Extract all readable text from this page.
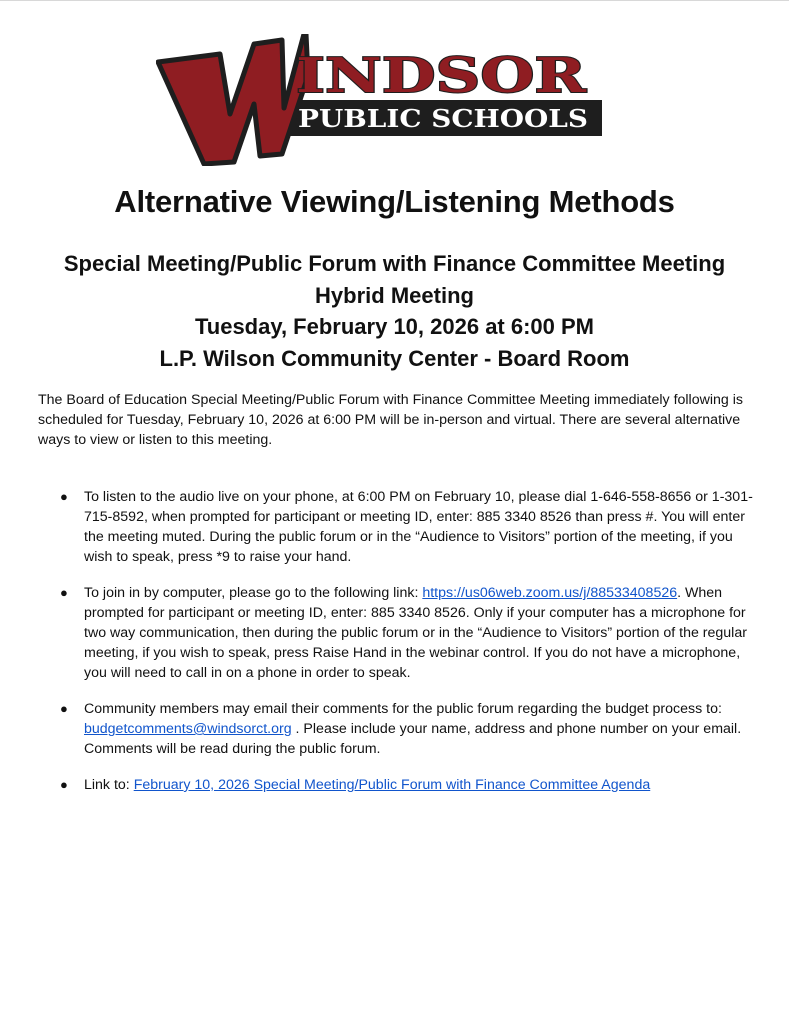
INDSOR
PUBLIC SCHOOLS
Alternative Viewing/Listening Methods
Special Meeting/Public Forum with Finance Committee Meeting
Hybrid Meeting
Tuesday, February 10, 2026 at 6:00 PM
L.P. Wilson Community Center - Board Room

The Board of Education Special Meeting/Public Forum with Finance Committee Meeting immediately following is scheduled for Tuesday, February 10, 2026 at 6:00 PM will be in-person and virtual. There are several alternative ways to view or listen to this meeting.

● To listen to the audio live on your phone, at 6:00 PM on February 10, please dial 1-646-558-8656 or 1-301-715-8592, when prompted for participant or meeting ID, enter: 885 3340 8526 than press #. You will enter the meeting muted. During the public forum or in the “Audience to Visitors” portion of the meeting, if you wish to speak, press *9 to raise your hand.
● To join in by computer, please go to the following link: https://us06web.zoom.us/j/88533408526. When prompted for participant or meeting ID, enter: 885 3340 8526. Only if your computer has a microphone for two way communication, then during the public forum or in the “Audience to Visitors” portion of the regular meeting, if you wish to speak, press Raise Hand in the webinar control. If you do not have a microphone, you will need to call in on a phone in order to speak.
● Community members may email their comments for the public forum regarding the budget process to: budgetcomments@windsorct.org . Please include your name, address and phone number on your email. Comments will be read during the public forum.
● Link to: February 10, 2026 Special Meeting/Public Forum with Finance Committee Agenda
